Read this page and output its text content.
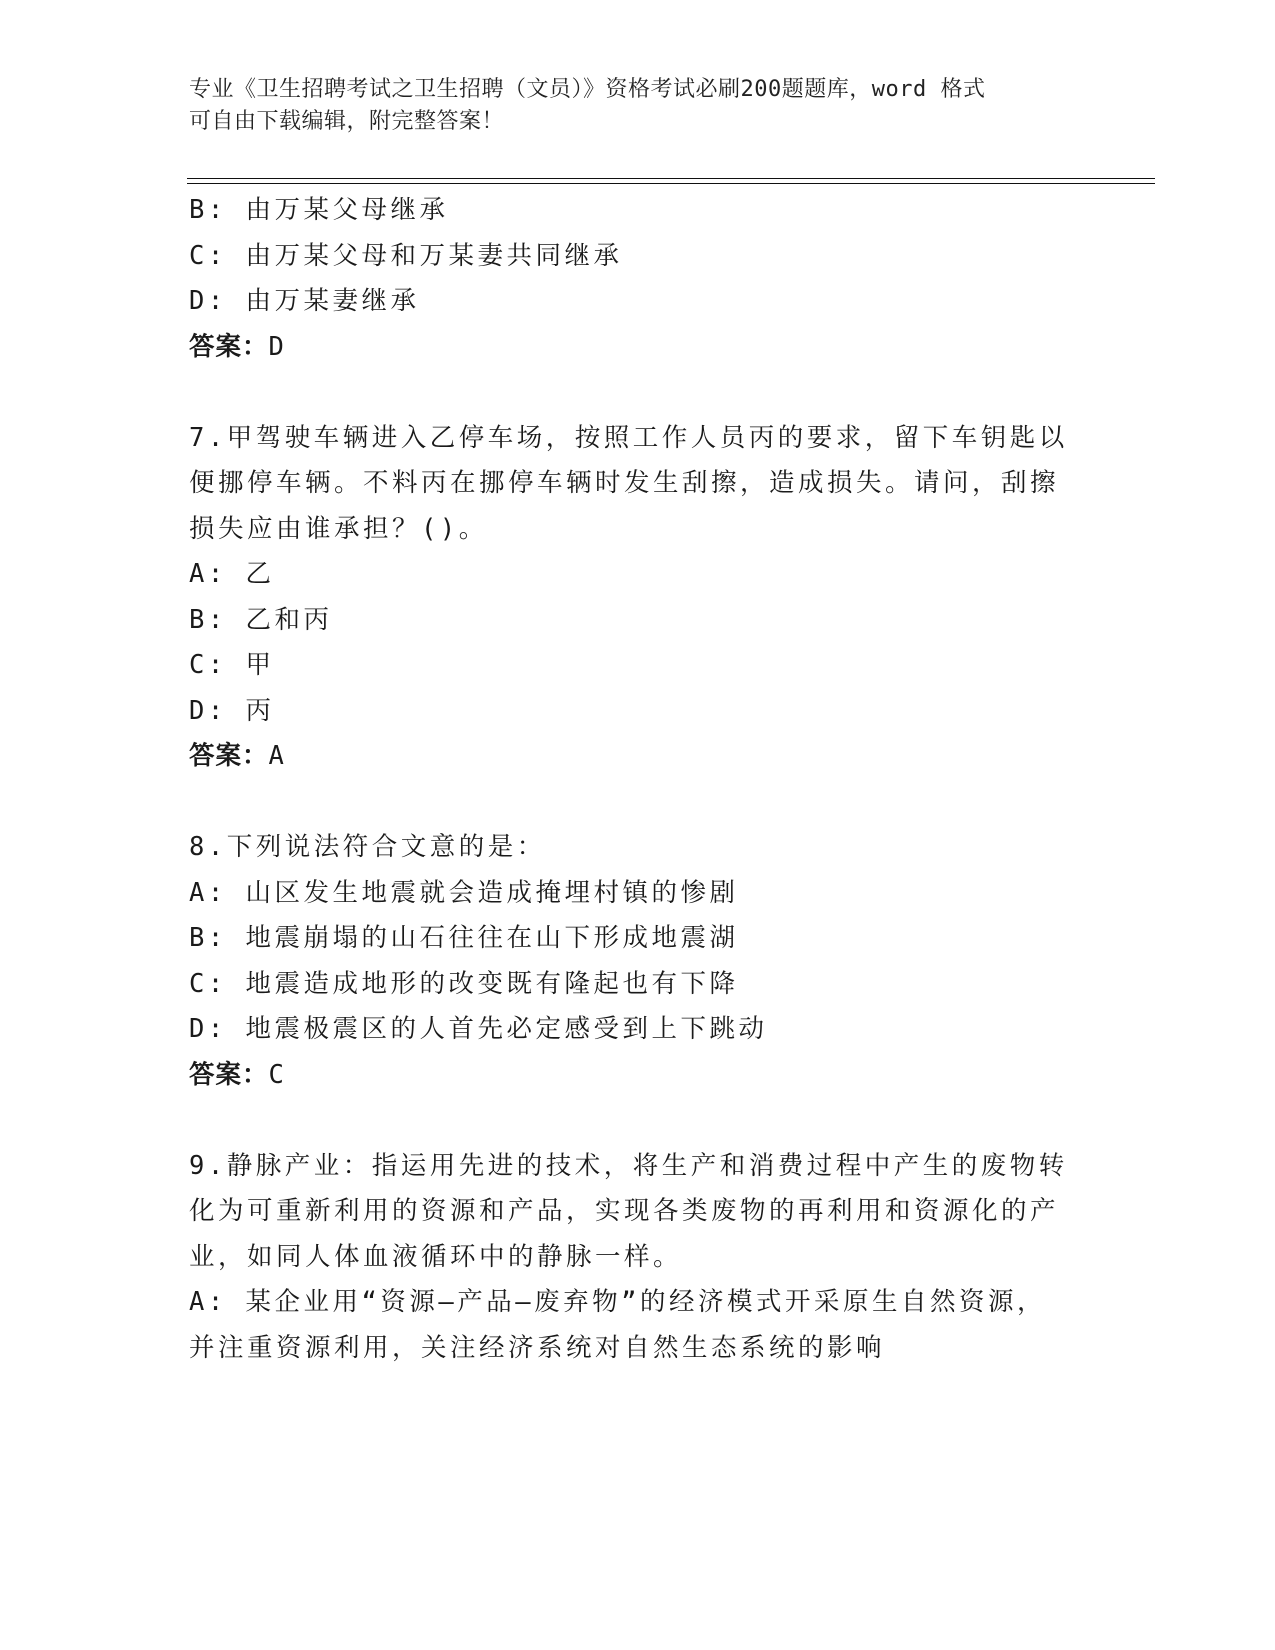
专业《卫生招聘考试之卫生招聘（文员）》资格考试必刷200题题库，word 格式
可自由下载编辑，附完整答案！
B: 由万某父母继承
C: 由万某父母和万某妻共同继承
D: 由万某妻继承
答案：D
7.甲驾驶车辆进入乙停车场，按照工作人员丙的要求，留下车钥匙以
便挪停车辆。不料丙在挪停车辆时发生刮擦，造成损失。请问，刮擦
损失应由谁承担？()。
A: 乙
B: 乙和丙
C: 甲
D: 丙
答案：A
8.下列说法符合文意的是：
A: 山区发生地震就会造成掩埋村镇的惨剧
B: 地震崩塌的山石往往在山下形成地震湖
C: 地震造成地形的改变既有隆起也有下降
D: 地震极震区的人首先必定感受到上下跳动
答案：C
9.静脉产业：指运用先进的技术，将生产和消费过程中产生的废物转
化为可重新利用的资源和产品，实现各类废物的再利用和资源化的产
业，如同人体血液循环中的静脉一样。
A: 某企业用“资源—产品—废弃物”的经济模式开采原生自然资源，
并注重资源利用，关注经济系统对自然生态系统的影响
